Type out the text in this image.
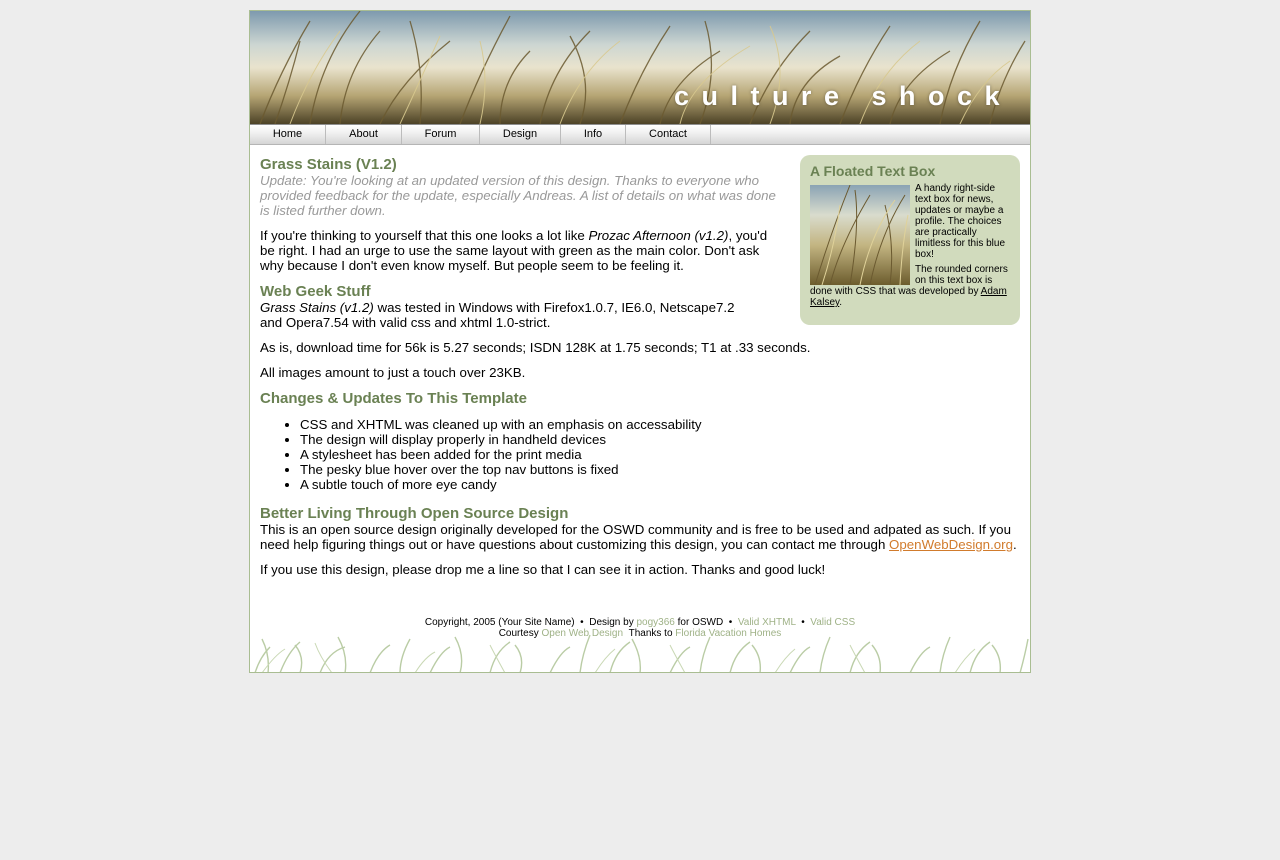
culture shock
Home	About	Forum	Design	Info	Contact
A Floated Text Box
A handy right-side text box for news, updates or maybe a profile. The choices are practically limitless for this blue box!
The rounded corners on this text box is done with CSS that was developed by Adam Kalsey.
Grass Stains (V1.2)
Update: You're looking at an updated version of this design. Thanks to everyone who provided feedback for the update, especially Andreas. A list of details on what was done is listed further down.

If you're thinking to yourself that this one looks a lot like Prozac Afternoon (v1.2), you'd be right. I had an urge to use the same layout with green as the main color. Don't ask why because I don't even know myself. But people seem to be feeling it.

Web Geek Stuff
Grass Stains (v1.2) was tested in Windows with Firefox1.0.7, IE6.0, Netscape7.2 and Opera7.54 with valid css and xhtml 1.0-strict.

As is, download time for 56k is 5.27 seconds; ISDN 128K at 1.75 seconds; T1 at .33 seconds.

All images amount to just a touch over 23KB.

Changes & Updates To This Template
• CSS and XHTML was cleaned up with an emphasis on accessability
• The design will display properly in handheld devices
• A stylesheet has been added for the print media
• The pesky blue hover over the top nav buttons is fixed
• A subtle touch of more eye candy
Better Living Through Open Source Design
This is an open source design originally developed for the OSWD community and is free to be used and adpated as such. If you need help figuring things out or have questions about customizing this design, you can contact me through OpenWebDesign.org.

If you use this design, please drop me a line so that I can see it in action. Thanks and good luck!

Copyright, 2005 (Your Site Name) • Design by pogy366 for OSWD • Valid XHTML • Valid CSS
Courtesy Open Web Design Thanks to Florida Vacation Homes
